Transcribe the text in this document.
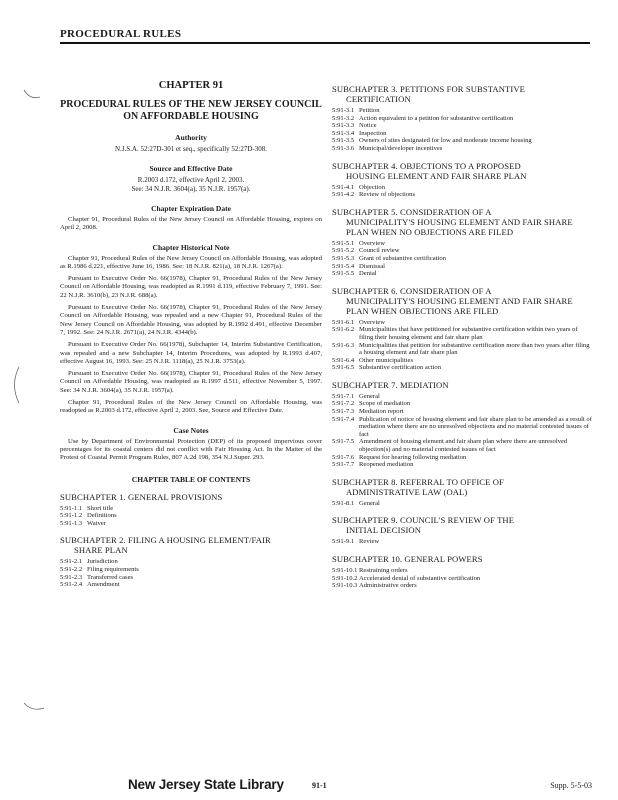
PROCEDURAL RULES
CHAPTER 91
PROCEDURAL RULES OF THE NEW JERSEY COUNCIL ON AFFORDABLE HOUSING
Authority

N.J.S.A. 52:27D-301 et seq., specifically 52:27D-308.

Source and Effective Date

R.2003 d.172, effective April 2, 2003.

See: 34 N.J.R. 3604(a), 35 N.J.R. 1957(a).

Chapter Expiration Date

Chapter 91, Procedural Rules of the New Jersey Council on Affordable Housing, expires on April 2, 2008.

Chapter Historical Note

Chapter 91, Procedural Rules of the New Jersey Council on Affordable Housing, was adopted as R.1986 d.221, effective June 16, 1986. See: 18 N.J.R. 821(a), 18 N.J.R. 1267(a).

Pursuant to Executive Order No. 66(1978), Chapter 91, Procedural Rules of the New Jersey Council on Affordable Housing, was readopted as R.1991 d.119, effective February 7, 1991. See: 22 N.J.R. 3610(b), 23 N.J.R. 688(a).

Pursuant to Executive Order No. 66(1978), Chapter 91, Procedural Rules of the New Jersey Council on Affordable Housing, was repealed and a new Chapter 91, Procedural Rules of the New Jersey Council on Affordable Housing, was adopted by R.1992 d.491, effective December 7, 1992. See: 24 N.J.R. 2671(a), 24 N.J.R. 4344(b).

Pursuant to Executive Order No. 66(1978), Subchapter 14, Interim Substantive Certification, was repealed and a new Subchapter 14, Interim Procedures, was adopted by R.1993 d.407, effective August 16, 1993. See: 25 N.J.R. 1118(a), 25 N.J.R. 3753(a).

Pursuant to Executive Order No. 66(1978), Chapter 91, Procedural Rules of the New Jersey Council on Affordable Housing, was readopted as R.1997 d.511, effective November 5, 1997. See: 34 N.J.R. 3604(a), 35 N.J.R. 1957(a).

Chapter 91, Procedural Rules of the New Jersey Council on Affordable Housing, was readopted as R.2003 d.172, effective April 2, 2003. See, Source and Effective Date.

Case Notes

Use by Department of Environmental Protection (DEP) of its proposed impervious cover percentages for its coastal centers did not conflict with Fair Housing Act. In the Matter of the Protest of Coastal Permit Program Rules, 807 A.2d 198, 354 N.J.Super. 293.

CHAPTER TABLE OF CONTENTS
SUBCHAPTER 1. GENERAL PROVISIONS
5:91-1.1 Short title
5:91-1.2 Definitions
5:91-1.3 Waiver
SUBCHAPTER 2. FILING A HOUSING ELEMENT/FAIR
SHARE PLAN
5:91-2.1 Jurisdiction
5:91-2.2 Filing requirements
5:91-2.3 Transferred cases
5:91-2.4 Amendment
SUBCHAPTER 3. PETITIONS FOR SUBSTANTIVE
CERTIFICATION
5:91-3.1 Petition
5:91-3.2 Action equivalent to a petition for substantive certification
5:91-3.3 Notice
5:91-3.4 Inspection
5:91-3.5 Owners of sites designated for low and moderate income housing
5:91-3.6 Municipal/developer incentives
SUBCHAPTER 4. OBJECTIONS TO A PROPOSED
HOUSING ELEMENT AND FAIR SHARE PLAN
5:91-4.1 Objection
5:91-4.2 Review of objections
SUBCHAPTER 5. CONSIDERATION OF A
MUNICIPALITY'S HOUSING ELEMENT AND FAIR SHARE PLAN WHEN NO OBJECTIONS ARE FILED
5:91-5.1 Overview
5:91-5.2 Council review
5:91-5.3 Grant of substantive certification
5:91-5.4 Dismissal
5:91-5.5 Denial
SUBCHAPTER 6. CONSIDERATION OF A
MUNICIPALITY'S HOUSING ELEMENT AND FAIR SHARE PLAN WHEN OBJECTIONS ARE FILED
5:91-6.1 Overview
5:91-6.2 Municipalities that have petitioned for substantive certification within two years of filing their housing element and fair share plan
5:91-6.3 Municipalities that petition for substantive certification more than two years after filing a housing element and fair share plan
5:91-6.4 Other municipalities
5:91-6.5 Substantive certification action
SUBCHAPTER 7. MEDIATION
5:91-7.1 General
5:91-7.2 Scope of mediation
5:91-7.3 Mediation report
5:91-7.4 Publication of notice of housing element and fair share plan to be amended as a result of mediation where there are no unresolved objections and no material contested issues of fact
5:91-7.5 Amendment of housing element and fair share plan where there are unresolved objection(s) and no material contested issues of fact
5:91-7.6 Request for hearing following mediation
5:91-7.7 Reopened mediation
SUBCHAPTER 8. REFERRAL TO OFFICE OF
ADMINISTRATIVE LAW (OAL)
5:91-8.1 General
SUBCHAPTER 9. COUNCIL'S REVIEW OF THE
INITIAL DECISION
5:91-9.1 Review
SUBCHAPTER 10. GENERAL POWERS
5:91-10.1 Restraining orders
5:91-10.2 Accelerated denial of substantive certification
5:91-10.3 Administrative orders
New Jersey State Library	91-1	Supp. 5-5-03
